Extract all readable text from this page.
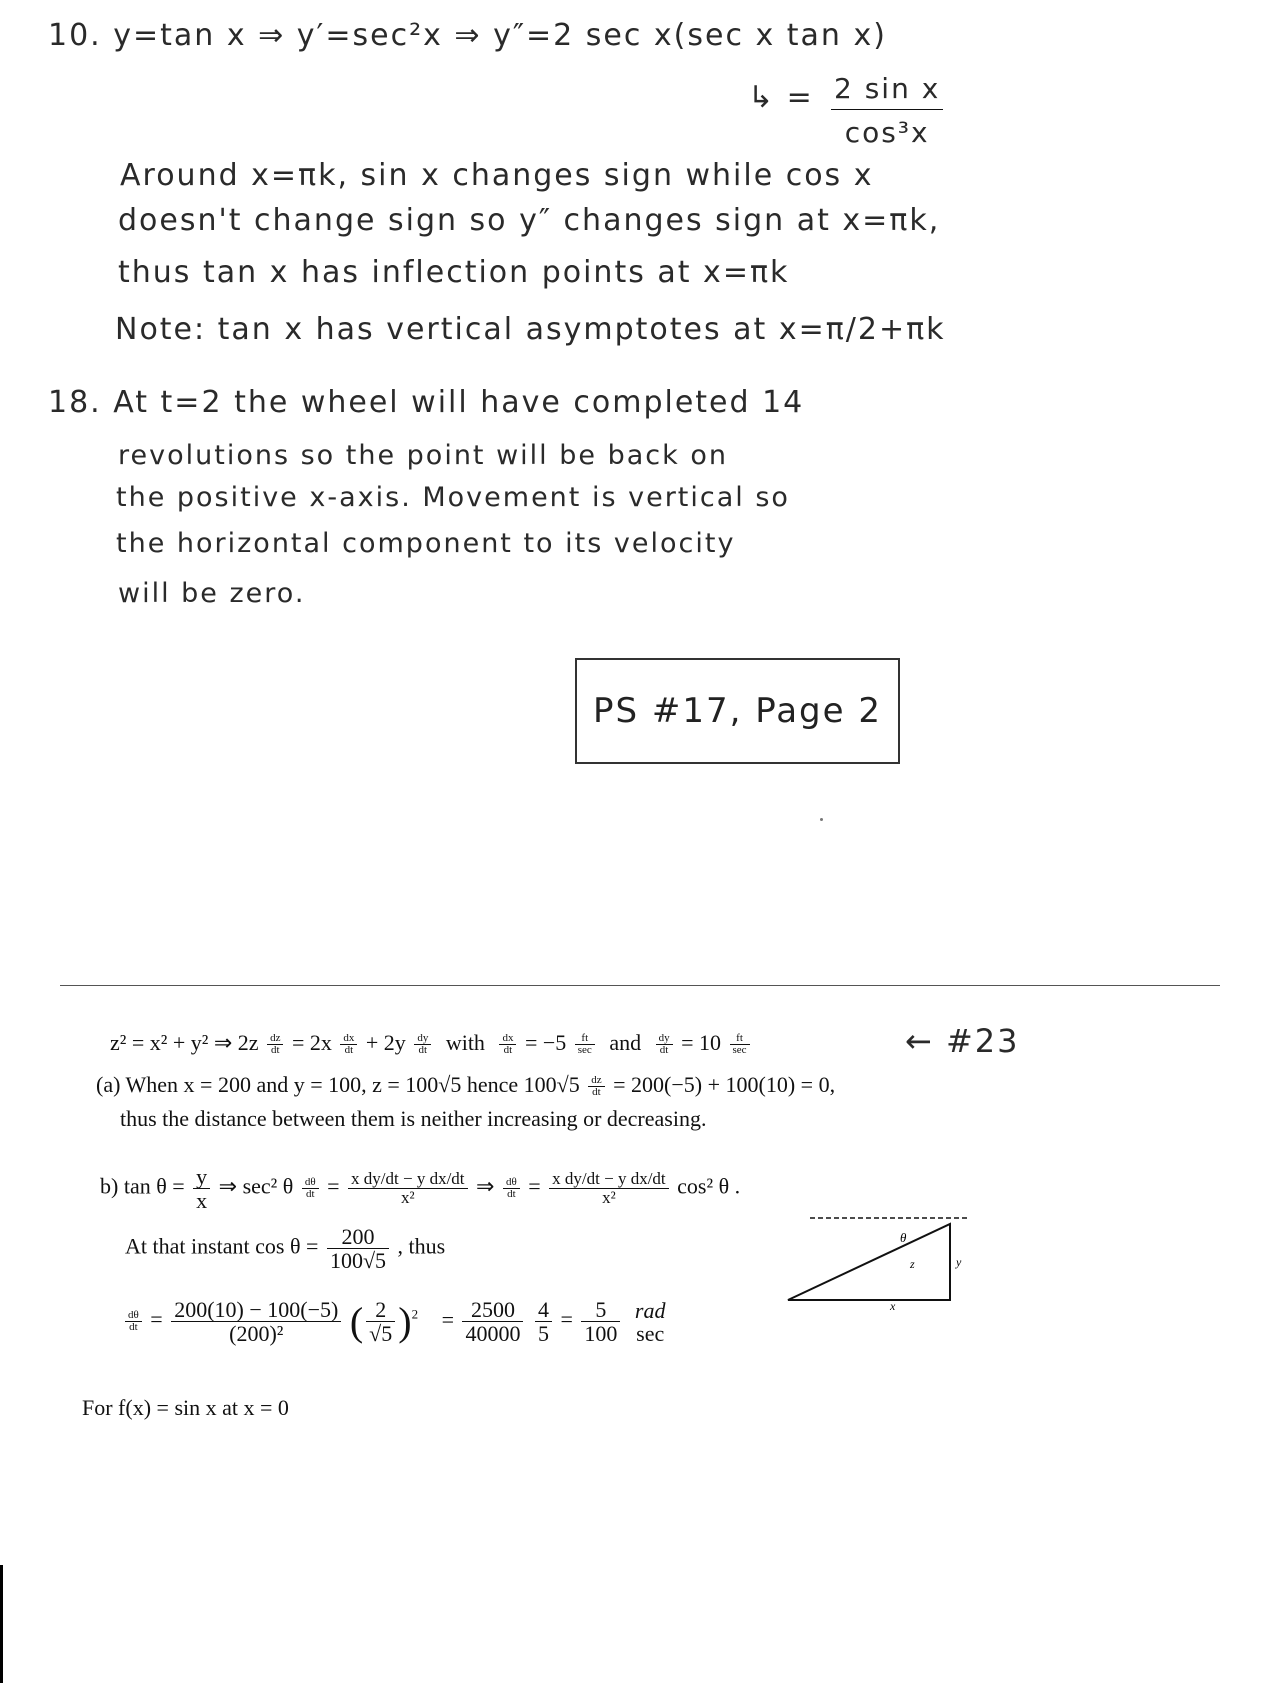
10. y=tan x ⇒ y′=sec²x ⇒ y″=2 sec x(sec x tan x)
↳ = $\frac{\text{2 sin x}}{\text{cos³x}}$
Around x=πk, sin x changes sign while cos x
doesn't change sign so y″ changes sign at x=πk,
thus tan x has inflection points at x=πk
Note: tan x has vertical asymptotes at x=π/2+πk
18. At t=2 the wheel will have completed 14
revolutions so the point will be back on
the positive x-axis. Movement is vertical so
the horizontal component to its velocity
will be zero.
PS #17, Page 2
← #23
z² = x² + y² ⇒ $2z \frac{dz}{dt} = 2x \frac{dx}{dt} + 2y \frac{dy}{dt}$ with $\frac{dx}{dt} = -5$	ft
sec and $\frac{dy}{dt} = 10$	ft
sec
(a) When x = 200 and y = 100, z = 100√5 hence $100√5 \frac{dz}{dt} = 200(-5) + 100(10) = 0$,
thus the distance between them is neither increasing or decreasing.
b) $\tan \theta = \frac{y}{x}$ ⇒ sec² θ $\frac{d\theta}{dt} = \frac{\text{x dy/dt − y dx/dt}}{\text{x²}}$ ⇒ $\frac{d\theta}{dt} = \frac{\text{x dy/dt − y dx/dt}}{\text{x²}} \cos^2$ θ .
At that instant $\cos \theta = \frac{200}{100√5}$ , thus
$\frac{d\theta}{dt} = \frac{200(10) - 100(-5)}{\text{(200)²}}$ ( $\frac{2}{√5} )^2 = \frac{2500}{40000}$
$\frac{4}{5} = \frac{5}{100}$
rad
sec
θ
z	y
x
For f(x) = sin x at x = 0
